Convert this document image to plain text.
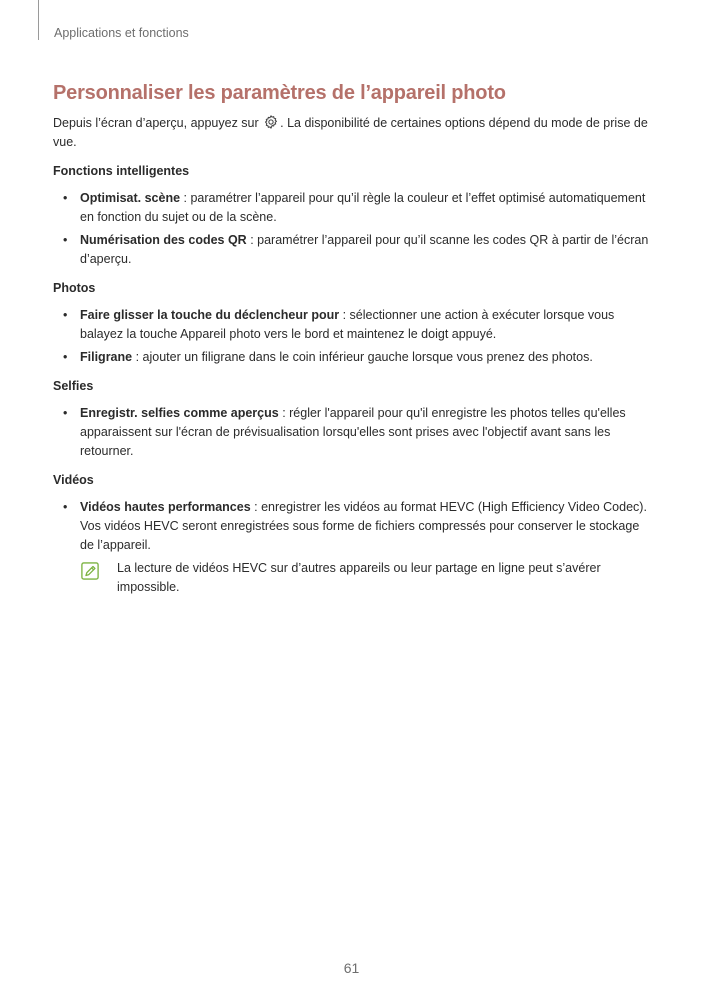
Applications et fonctions
Personnaliser les paramètres de l’appareil photo

Depuis l’écran d’aperçu, appuyez sur . La disponibilité de certaines options dépend du mode de prise de vue.

Fonctions intelligentes
• Optimisat. scène : paramétrer l’appareil pour qu’il règle la couleur et l’effet optimisé automatiquement en fonction du sujet ou de la scène.
• Numérisation des codes QR : paramétrer l’appareil pour qu’il scanne les codes QR à partir de l’écran d’aperçu.
Photos
• Faire glisser la touche du déclencheur pour : sélectionner une action à exécuter lorsque vous balayez la touche Appareil photo vers le bord et maintenez le doigt appuyé.
• Filigrane : ajouter un filigrane dans le coin inférieur gauche lorsque vous prenez des photos.
Selfies
• Enregistr. selfies comme aperçus : régler l'appareil pour qu'il enregistre les photos telles qu'elles apparaissent sur l'écran de prévisualisation lorsqu'elles sont prises avec l'objectif avant sans les retourner.
Vidéos
• Vidéos hautes performances : enregistrer les vidéos au format HEVC (High Efficiency Video Codec). Vos vidéos HEVC seront enregistrées sous forme de fichiers compressés pour conserver le stockage de l’appareil.
La lecture de vidéos HEVC sur d’autres appareils ou leur partage en ligne peut s’avérer impossible.
61
